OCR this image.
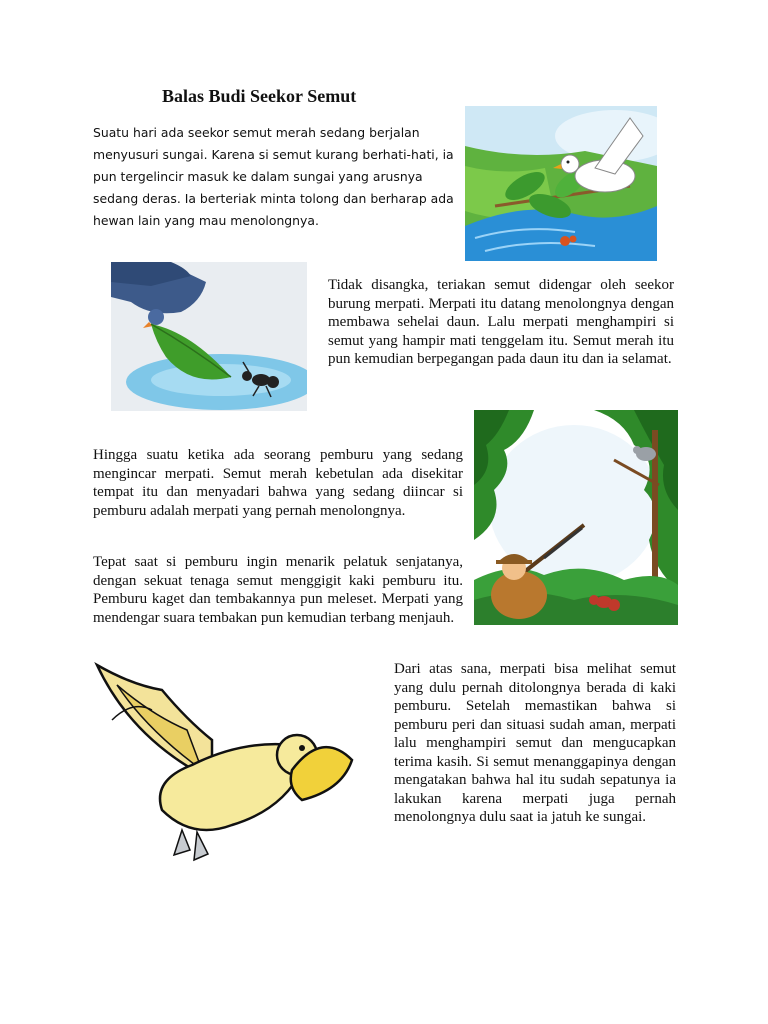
Balas Budi Seekor Semut

Suatu hari ada seekor semut merah sedang berjalan menyusuri sungai. Karena si semut kurang berhati-hati, ia pun tergelincir masuk ke dalam sungai yang arusnya sedang deras. Ia berteriak minta tolong dan berharap ada hewan lain yang mau menolongnya.

Tidak disangka, teriakan semut didengar oleh seekor burung merpati. Merpati itu datang menolongnya dengan membawa sehelai daun. Lalu merpati menghampiri si semut yang hampir mati tenggelam itu. Semut merah itu pun kemudian berpegangan pada daun itu dan ia selamat.

Hingga suatu ketika ada seorang pemburu yang sedang mengincar merpati. Semut merah kebetulan ada disekitar tempat itu dan menyadari bahwa yang sedang diincar si pemburu adalah merpati yang pernah menolongnya.

Tepat saat si pemburu ingin menarik pelatuk senjatanya, dengan sekuat tenaga semut menggigit kaki pemburu itu. Pemburu kaget dan tembakannya pun meleset. Merpati yang mendengar suara tembakan pun kemudian terbang menjauh.

Dari atas sana, merpati bisa melihat semut yang dulu pernah ditolongnya berada di kaki pemburu. Setelah memastikan bahwa si pemburu peri dan situasi sudah aman, merpati lalu menghampiri semut dan mengucapkan terima kasih. Si semut menanggapinya dengan mengatakan bahwa hal itu sudah sepatunya ia lakukan karena merpati juga pernah menolongnya dulu saat ia jatuh ke sungai.
